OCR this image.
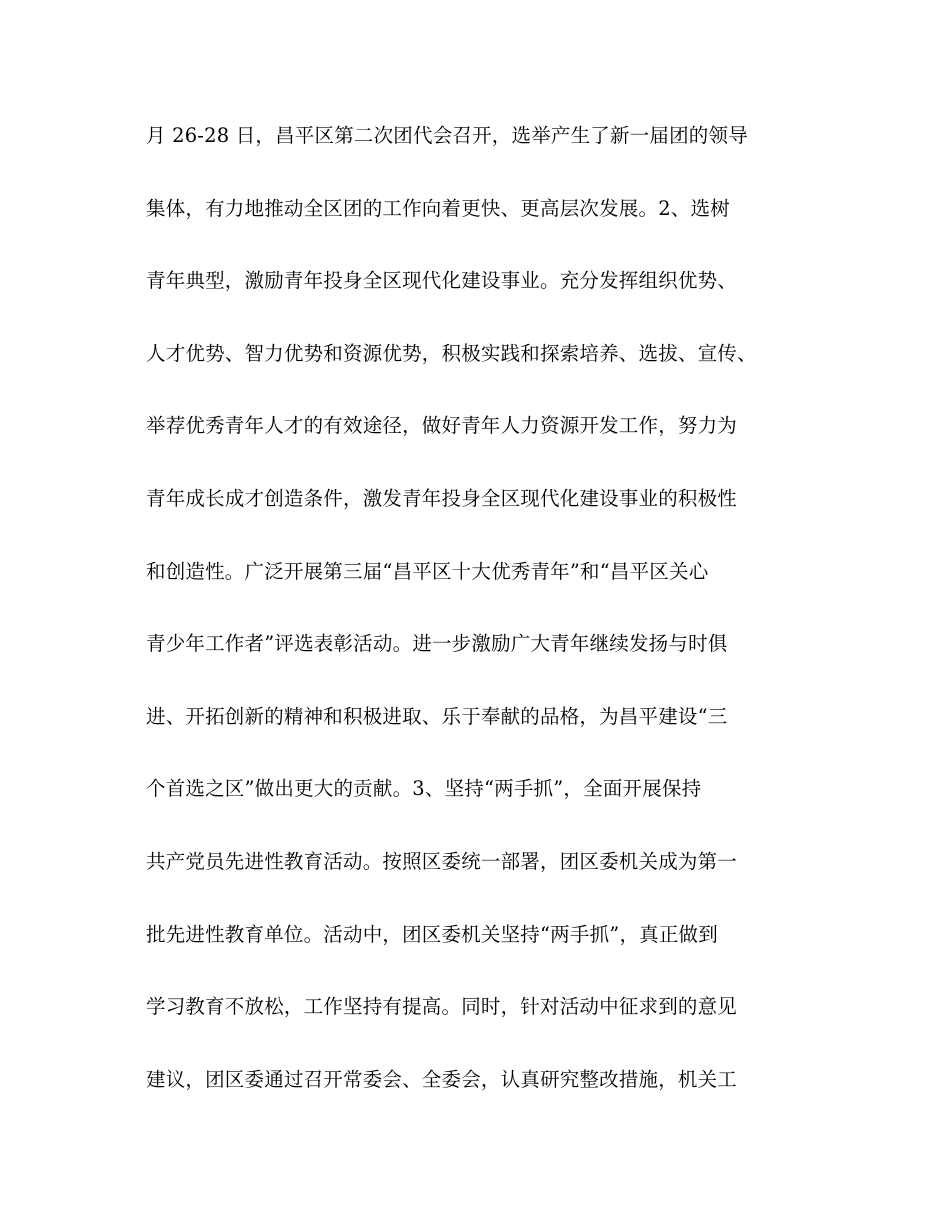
月 26-28 日，昌平区第二次团代会召开，选举产生了新一届团的领导
集体，有力地推动全区团的工作向着更快、更高层次发展。2、选树
青年典型，激励青年投身全区现代化建设事业。充分发挥组织优势、
人才优势、智力优势和资源优势，积极实践和探索培养、选拔、宣传、
举荐优秀青年人才的有效途径，做好青年人力资源开发工作，努力为
青年成长成才创造条件，激发青年投身全区现代化建设事业的积极性
和创造性。广泛开展第三届“昌平区十大优秀青年”和“昌平区关心
青少年工作者”评选表彰活动。进一步激励广大青年继续发扬与时俱
进、开拓创新的精神和积极进取、乐于奉献的品格，为昌平建设“三
个首选之区”做出更大的贡献。3、坚持“两手抓”，全面开展保持
共产党员先进性教育活动。按照区委统一部署，团区委机关成为第一
批先进性教育单位。活动中，团区委机关坚持“两手抓”，真正做到
学习教育不放松，工作坚持有提高。同时，针对活动中征求到的意见
建议，团区委通过召开常委会、全委会，认真研究整改措施，机关工
